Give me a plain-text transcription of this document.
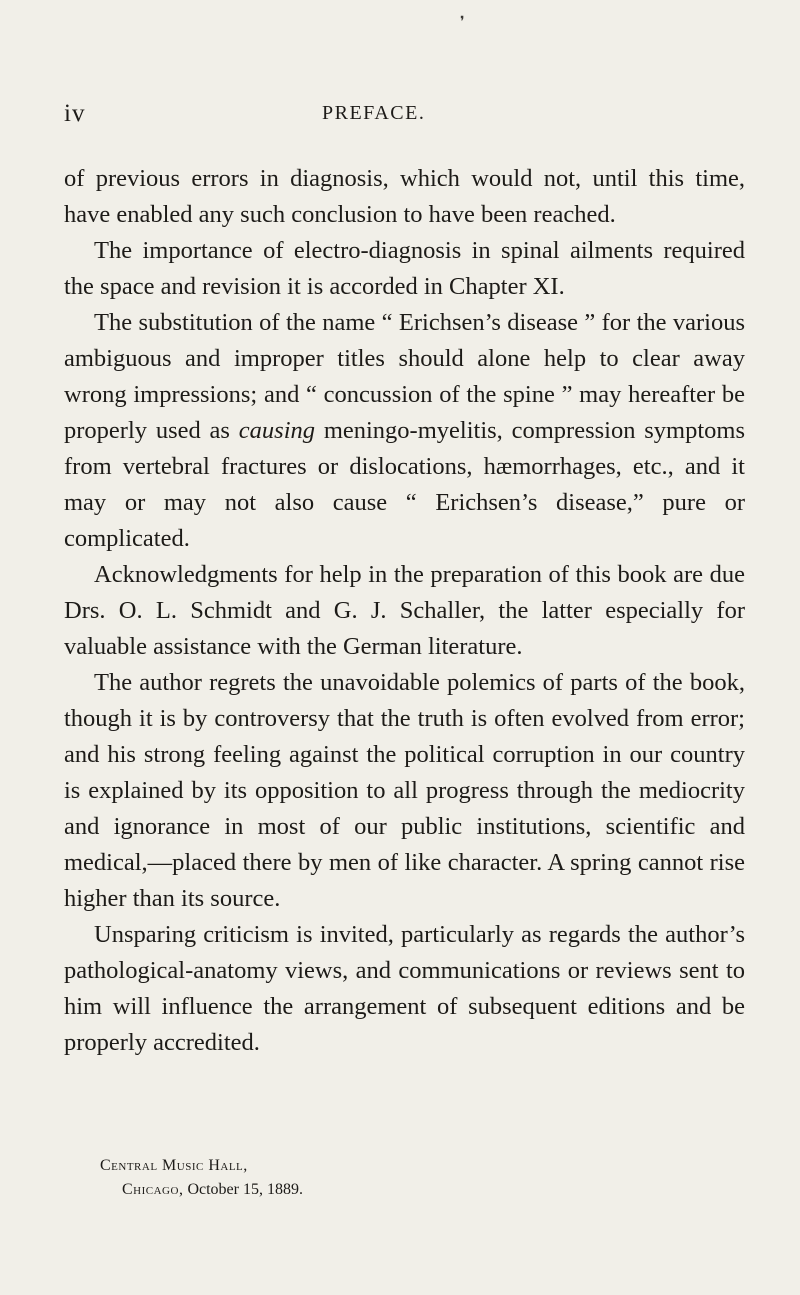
❜
iv	PREFACE.

of previous errors in diagnosis, which would not, until this time, have enabled any such conclusion to have been reached.

The importance of electro-diagnosis in spinal ailments required the space and revision it is accorded in Chapter XI.

The substitution of the name “ Erichsen’s disease ” for the various ambiguous and improper titles should alone help to clear away wrong impressions; and “ concussion of the spine ” may hereafter be properly used as causing meningo-myelitis, compression symptoms from vertebral fractures or dislocations, hæmorrhages, etc., and it may or may not also cause “ Erichsen’s disease,” pure or complicated.

Acknowledgments for help in the preparation of this book are due Drs. O. L. Schmidt and G. J. Schaller, the latter especially for valuable assistance with the German literature.

The author regrets the unavoidable polemics of parts of the book, though it is by controversy that the truth is often evolved from error; and his strong feeling against the political corruption in our country is explained by its opposition to all progress through the mediocrity and ignorance in most of our public institutions, scientific and medical,—placed there by men of like character. A spring cannot rise higher than its source.

Unsparing criticism is invited, particularly as regards the author’s pathological-anatomy views, and communications or reviews sent to him will influence the arrangement of subsequent editions and be properly accredited.

Central Music Hall,
Chicago, October 15, 1889.
